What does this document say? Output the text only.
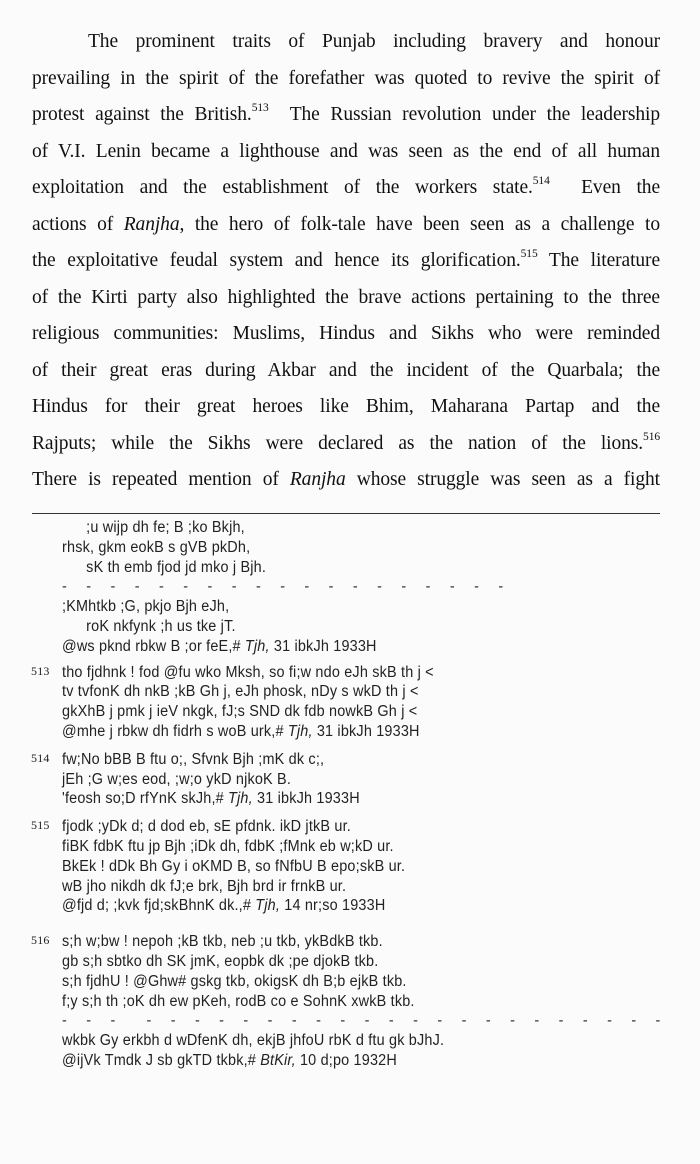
The prominent traits of Punjab including bravery and honour
prevailing in the spirit of the forefather was quoted to revive the spirit of
protest against the British.$^{513}$  The Russian revolution under the leadership
of V.I. Lenin became a lighthouse and was seen as the end of all human
exploitation and the establishment of the workers state.$^{514}$  Even the
actions of Ranjha, the hero of folk-tale have been seen as a challenge to
the exploitative feudal system and hence its glorification.$^{515}$ The literature
of the Kirti party also highlighted the brave actions pertaining to the three
religious communities: Muslims, Hindus and Sikhs who were reminded
of their great eras during Akbar and the incident of the Quarbala; the
Hindus for their great heroes like Bhim, Maharana Partap and the
Rajputs; while the Sikhs were declared as the nation of the lions.$^{516}$
There is repeated mention of Ranjha whose struggle was seen as a fight
;u wijp dh fe; B ;ko Bkjh,
rhsk, gkm eokB s gVB pkDh,
sK th emb fjod jd mko j Bjh.
- - - - - - - - - - - - - - - - - - -
;KMhtkb ;G, pkjo Bjh eJh,
roK nkfynk ;h us tke jT.
@ws pknd rbkw B ;or feE,# Tjh, 31 ibkJh 1933H
513 tho fjdhnk ! fod @fu wko Mksh, so fi;w ndo eJh skB th j <
tv tvfonK dh nkB ;kB Gh j, eJh phosk, nDy s wkD th j <
gkXhB j pmk j ieV nkgk, fJ;s SND dk fdb nowkB Gh j <
@mhe j rbkw dh fidrh s woB urk,# Tjh, 31 ibkJh 1933H
514 fw;No bBB B ftu o;, Sfvnk Bjh ;mK dk c;,
jEh ;G w;es eod, ;w;o ykD njkoK B.
'feosh so;D rfYnK skJh,# Tjh, 31 ibkJh 1933H
515 fjodk ;yDk d; d dod eb, sE pfdnk. ikD jtkB ur.
fiBK fdbK ftu jp Bjh ;iDk dh, fdbK ;fMnk eb w;kD ur.
BkEk ! dDk Bh Gy i oKMD B, so fNfbU B epo;skB ur.
wB jho nikdh dk fJ;e brk, Bjh brd ir frnkB ur.
@fjd d; ;kvk fjd;skBhnK dk.,# Tjh, 14 nr;so 1933H
516 s;h w;bw ! nepoh ;kB tkb, neb ;u tkb, ykBdkB tkb.
gb s;h sbtko dh SK jmK, eopbk dk ;pe djokB tkb.
s;h fjdhU ! @Ghw# gskg tkb, okigsK dh B;b ejkB tkb.
f;y s;h th ;oK dh ew pKeh, rodB co e SohnK xwkB tkb.
- - -  - - - - - - - - - - - - - - - - - - - - - -
wkbk Gy erkbh d wDfenK dh, ekjB jhfoU rbK d ftu gk bJhJ.
@ijVk Tmdk J sb gkTD tkbk,# BtKir, 10 d;po 1932H
